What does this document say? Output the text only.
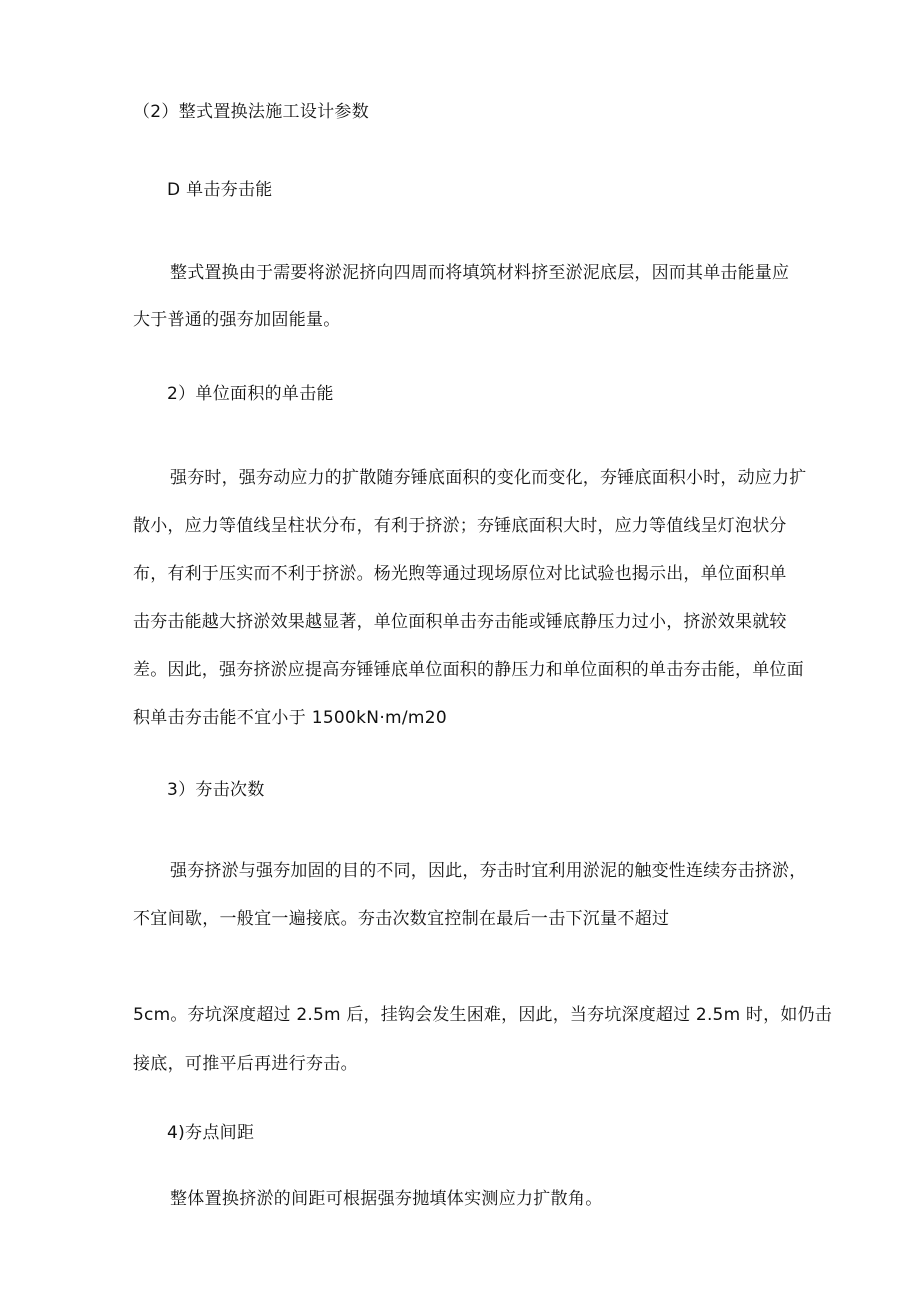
（2）整式置换法施工设计参数
D 单击夯击能
整式置换由于需要将淤泥挤向四周而将填筑材料挤至淤泥底层，因而其单击能量应
大于普通的强夯加固能量。
2）单位面积的单击能
强夯时，强夯动应力的扩散随夯锤底面积的变化而变化，夯锤底面积小时，动应力扩
散小，应力等值线呈柱状分布，有利于挤淤；夯锤底面积大时，应力等值线呈灯泡状分
布，有利于压实而不利于挤淤。杨光煦等通过现场原位对比试验也揭示出，单位面积单
击夯击能越大挤淤效果越显著，单位面积单击夯击能或锤底静压力过小，挤淤效果就较
差。因此，强夯挤淤应提高夯锤锤底单位面积的静压力和单位面积的单击夯击能，单位面
积单击夯击能不宜小于 1500kN·m/m20
3）夯击次数
强夯挤淤与强夯加固的目的不同，因此，夯击时宜利用淤泥的触变性连续夯击挤淤，
不宜间歇，一般宜一遍接底。夯击次数宜控制在最后一击下沉量不超过
5cm。夯坑深度超过 2.5m 后，挂钩会发生困难，因此，当夯坑深度超过 2.5m 时，如仍击
接底，可推平后再进行夯击。
4)夯点间距
整体置换挤淤的间距可根据强夯抛填体实测应力扩散角。
